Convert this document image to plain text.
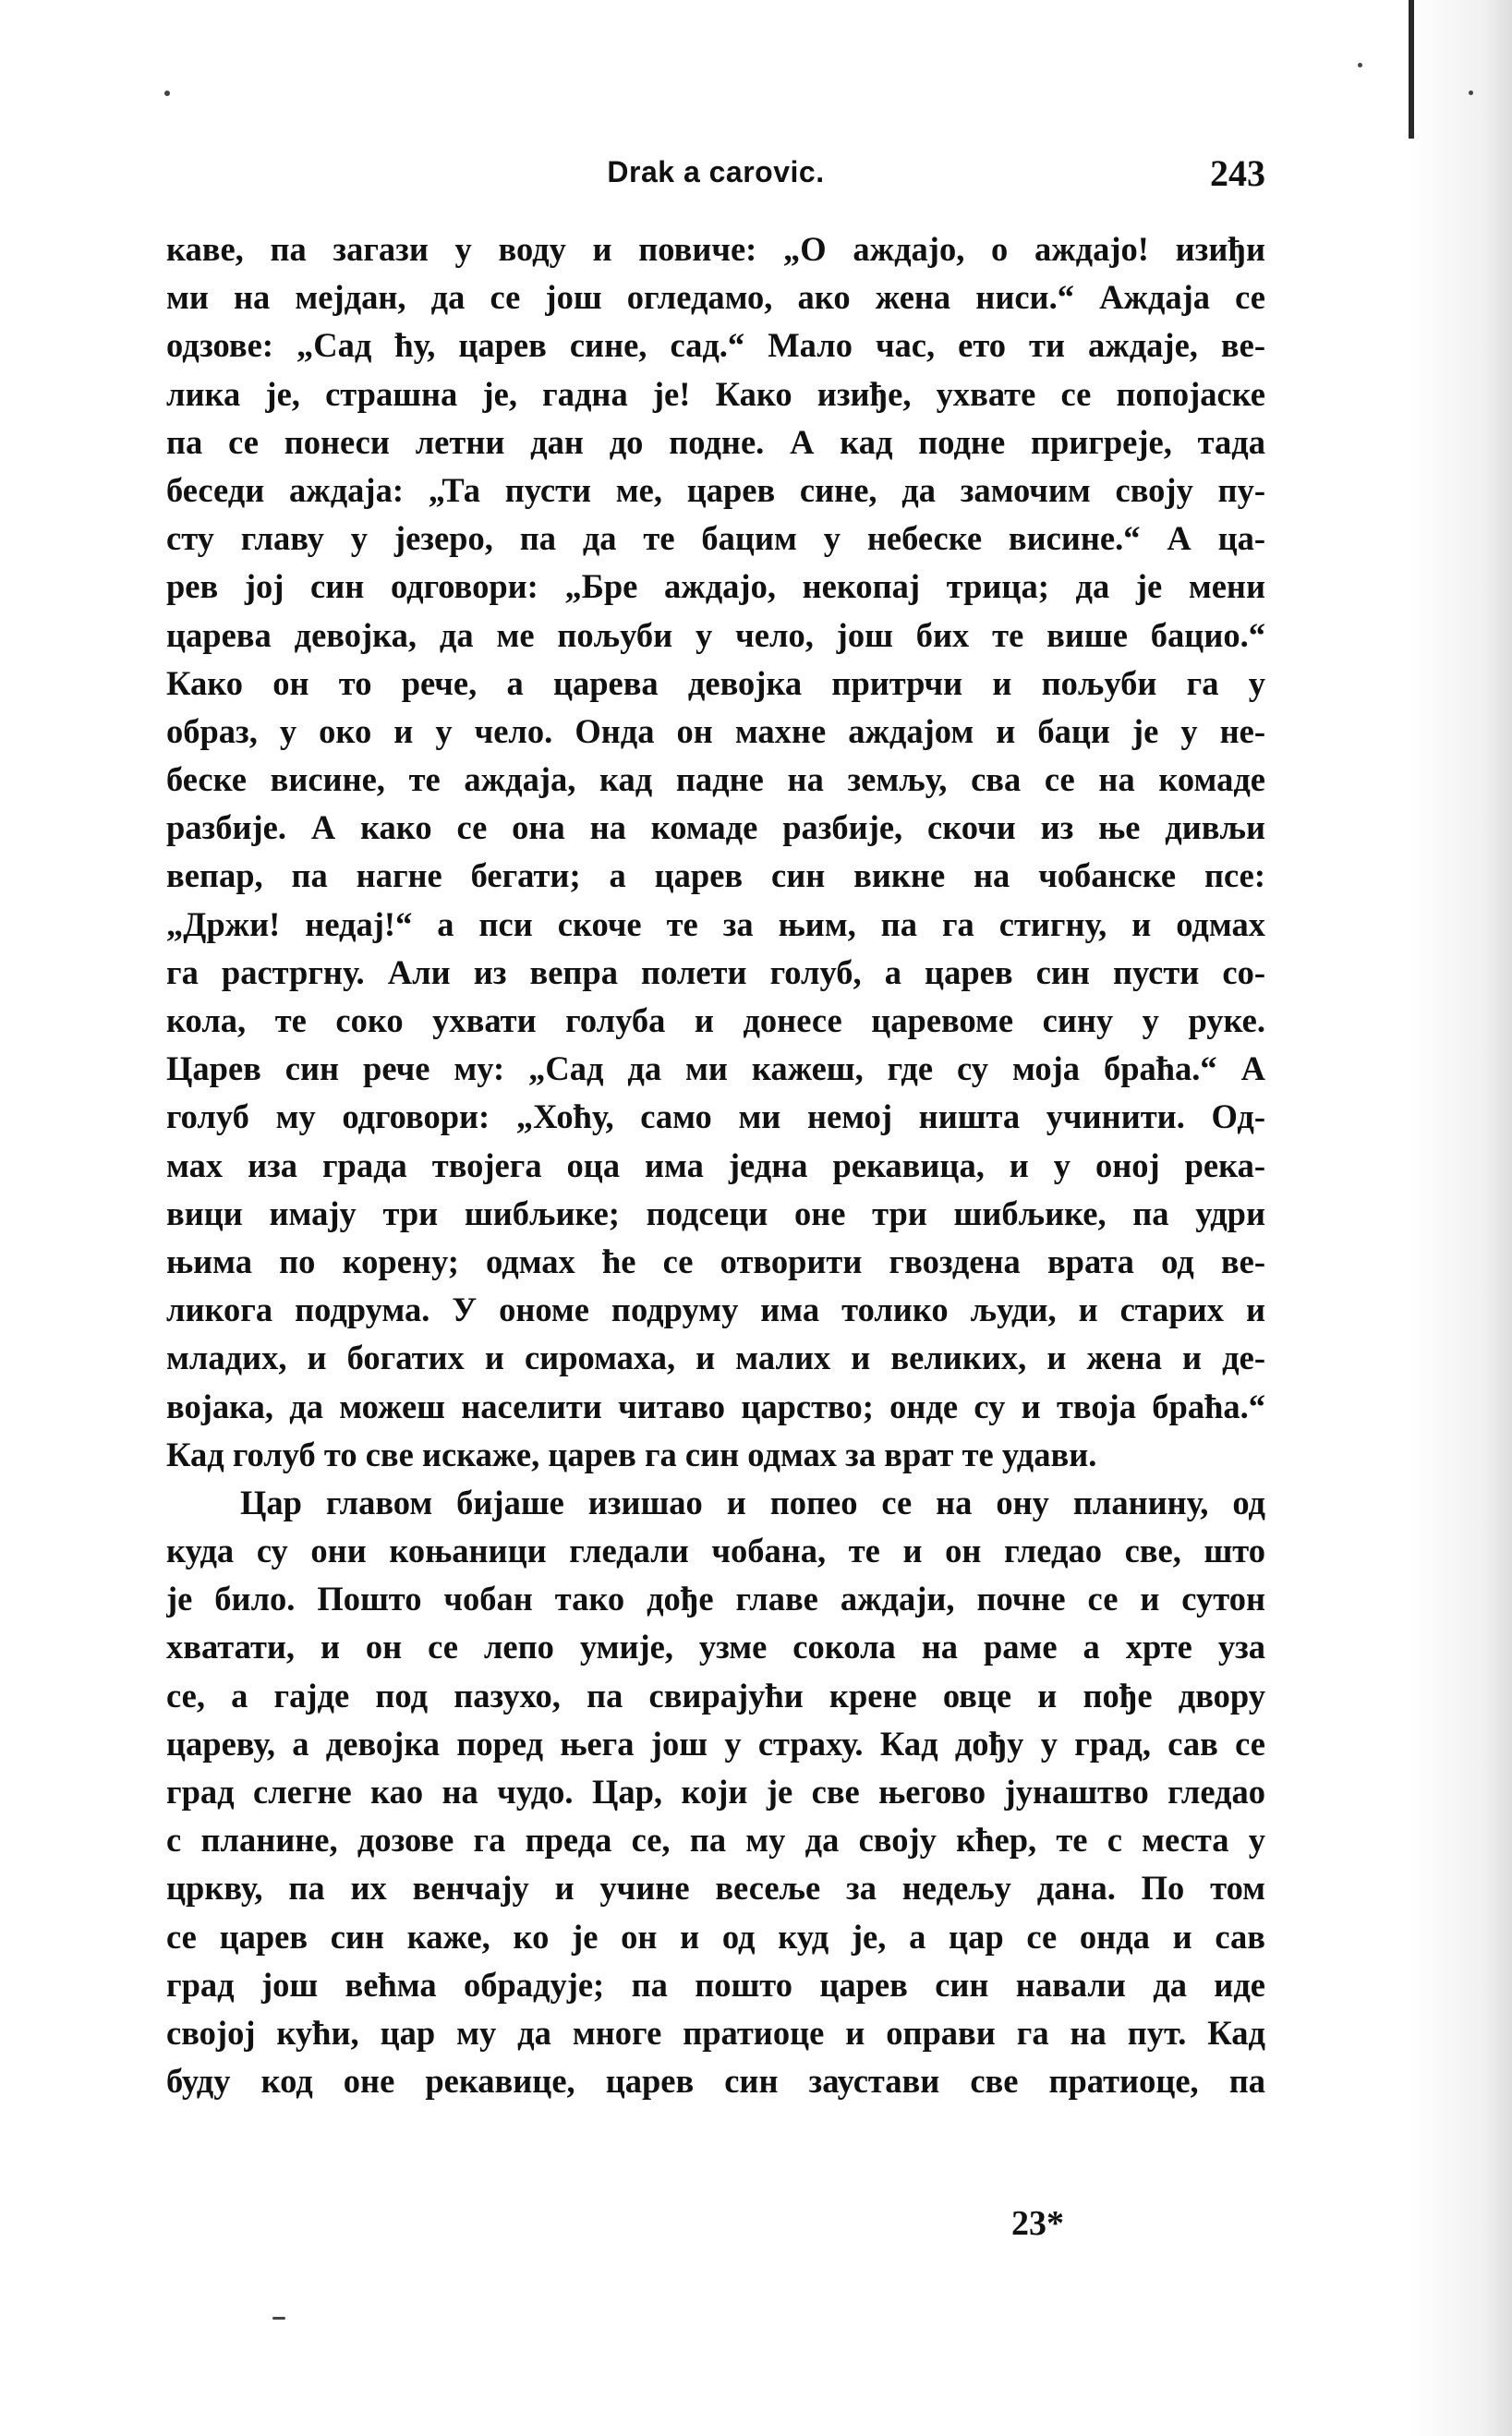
Drak a carovic.	243
каве, па загази у воду и повиче: „О аждајо, о аждајо! изиђи
ми на мејдан, да се још огледамо, ако жена ниси.“ Аждаја се
одзове: „Сад ћу, царев сине, сад.“ Мало час, ето ти аждаје, ве-
лика је, страшна је, гадна је! Како изиђе, ухвате се попојаске
па се понеси летни дан до подне. А кад подне пригреје, тада
беседи аждаја: „Та пусти ме, царев сине, да замочим своју пу-
сту главу у језеро, па да те бацим у небеске висине.“ А ца-
рев јој син одговори: „Бре аждајо, некопај трица; да је мени
царева девојка, да ме пољуби у чело, још бих те више бацио.“
Како он то рече, а царева девојка притрчи и пољуби га у
образ, у око и у чело. Онда он махне аждајом и баци је у не-
беске висине, те аждаја, кад падне на земљу, сва се на комаде
разбије. А како се она на комаде разбије, скочи из ње дивљи
вепар, па нагне бегати; а царев син викне на чобанске псе:
„Држи! недај!“ а пси скоче те за њим, па га стигну, и одмах
га растргну. Али из вепра полети голуб, а царев син пусти со-
кола, те соко ухвати голуба и донесе царевоме сину у руке.
Царев син рече му: „Сад да ми кажеш, где су моја браћа.“ А
голуб му одговори: „Хоћу, само ми немој ништа учинити. Од-
мах иза града твојега оца има једна рекавица, и у оној река-
вици имају три шибљике; подсеци оне три шибљике, па удри
њима по корену; одмах ће се отворити гвоздена врата од ве-
ликога подрума. У ономе подруму има толико људи, и старих и
младих, и богатих и сиромаха, и малих и великих, и жена и де-
војака, да можеш населити читаво царство; онде су и твоја браћа.“
Кад голуб то све искаже, царев га син одмах за врат те удави.
Цар главом бијаше изишао и попео се на ону планину, од
куда су они коњаници гледали чобана, те и он гледао све, што
је било. Пошто чобан тако дође главе аждаји, почне се и сутон
хватати, и он се лепо умије, узме сокола на раме а хрте уза
се, а гајде под пазухо, па свирајући крене овце и пође двору
цареву, а девојка поред њега још у страху. Кад дођу у град, сав се
град слегне као на чудо. Цар, који је све његово јунаштво гледао
с планине, дозове га преда се, па му да своју кћер, те с места у
цркву, па их венчају и учине весеље за недељу дана. По том
се царев син каже, ко је он и од куд је, а цар се онда и сав
град још већма обрадује; па пошто царев син навали да иде
својој кући, цар му да многе пратиоце и оправи га на пут. Кад
буду код оне рекавице, царев син заустави све пратиоце, па
23*
